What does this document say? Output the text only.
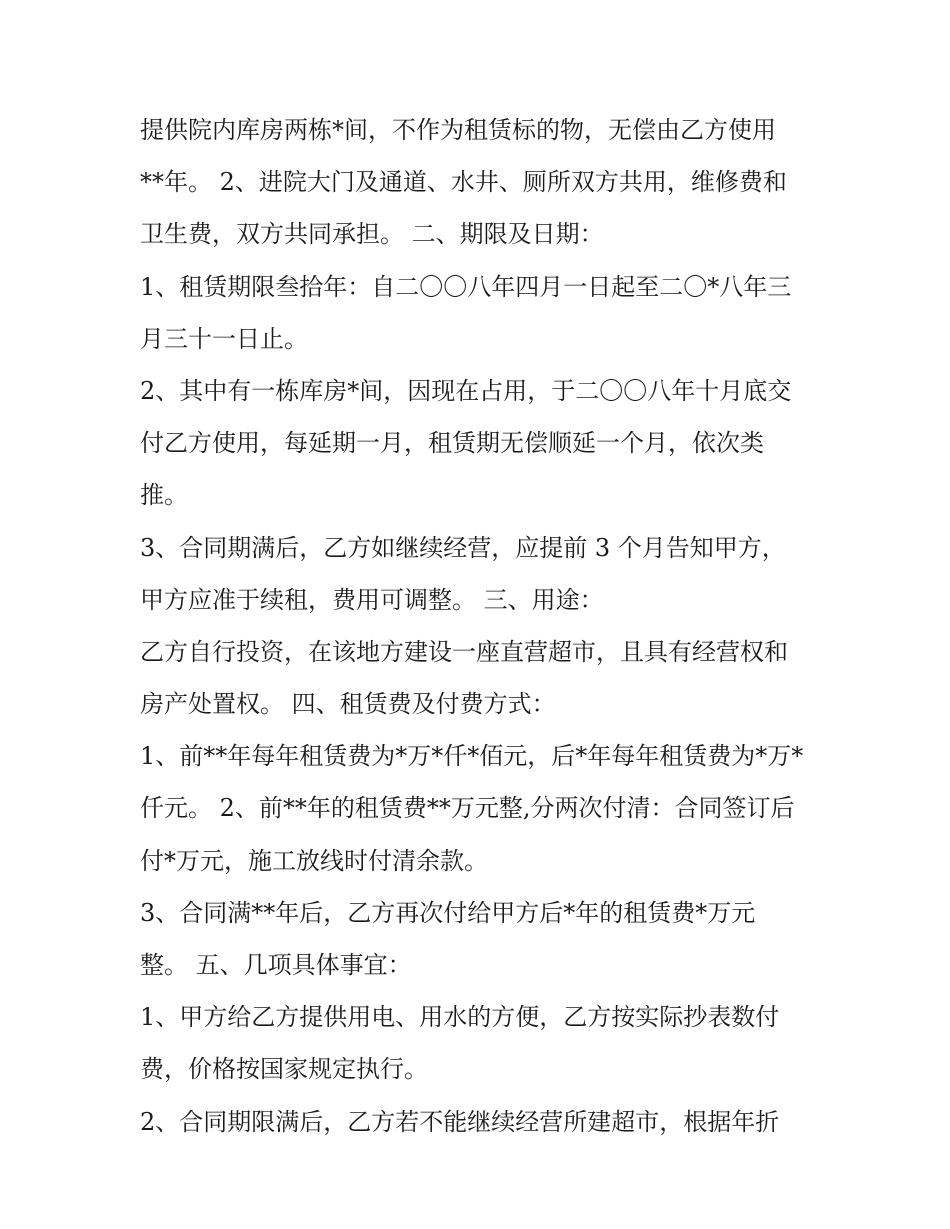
提供院内库房两栋*间，不作为租赁标的物，无偿由乙方使用
**年。 2、进院大门及通道、水井、厕所双方共用，维修费和
卫生费，双方共同承担。 二、期限及日期：
1、租赁期限叁拾年：自二〇〇八年四月一日起至二〇*八年三
月三十一日止。
2、其中有一栋库房*间，因现在占用，于二〇〇八年十月底交
付乙方使用，每延期一月，租赁期无偿顺延一个月，依次类
推。
3、合同期满后，乙方如继续经营，应提前 3 个月告知甲方，
甲方应准于续租，费用可调整。 三、用途：
乙方自行投资，在该地方建设一座直营超市，且具有经营权和
房产处置权。 四、租赁费及付费方式：
1、前**年每年租赁费为*万*仟*佰元，后*年每年租赁费为*万*
仟元。 2、前**年的租赁费**万元整,分两次付清：合同签订后
付*万元，施工放线时付清余款。
3、合同满**年后，乙方再次付给甲方后*年的租赁费*万元
整。 五、几项具体事宜：
1、甲方给乙方提供用电、用水的方便，乙方按实际抄表数付
费，价格按国家规定执行。
2、合同期限满后，乙方若不能继续经营所建超市，根据年折
